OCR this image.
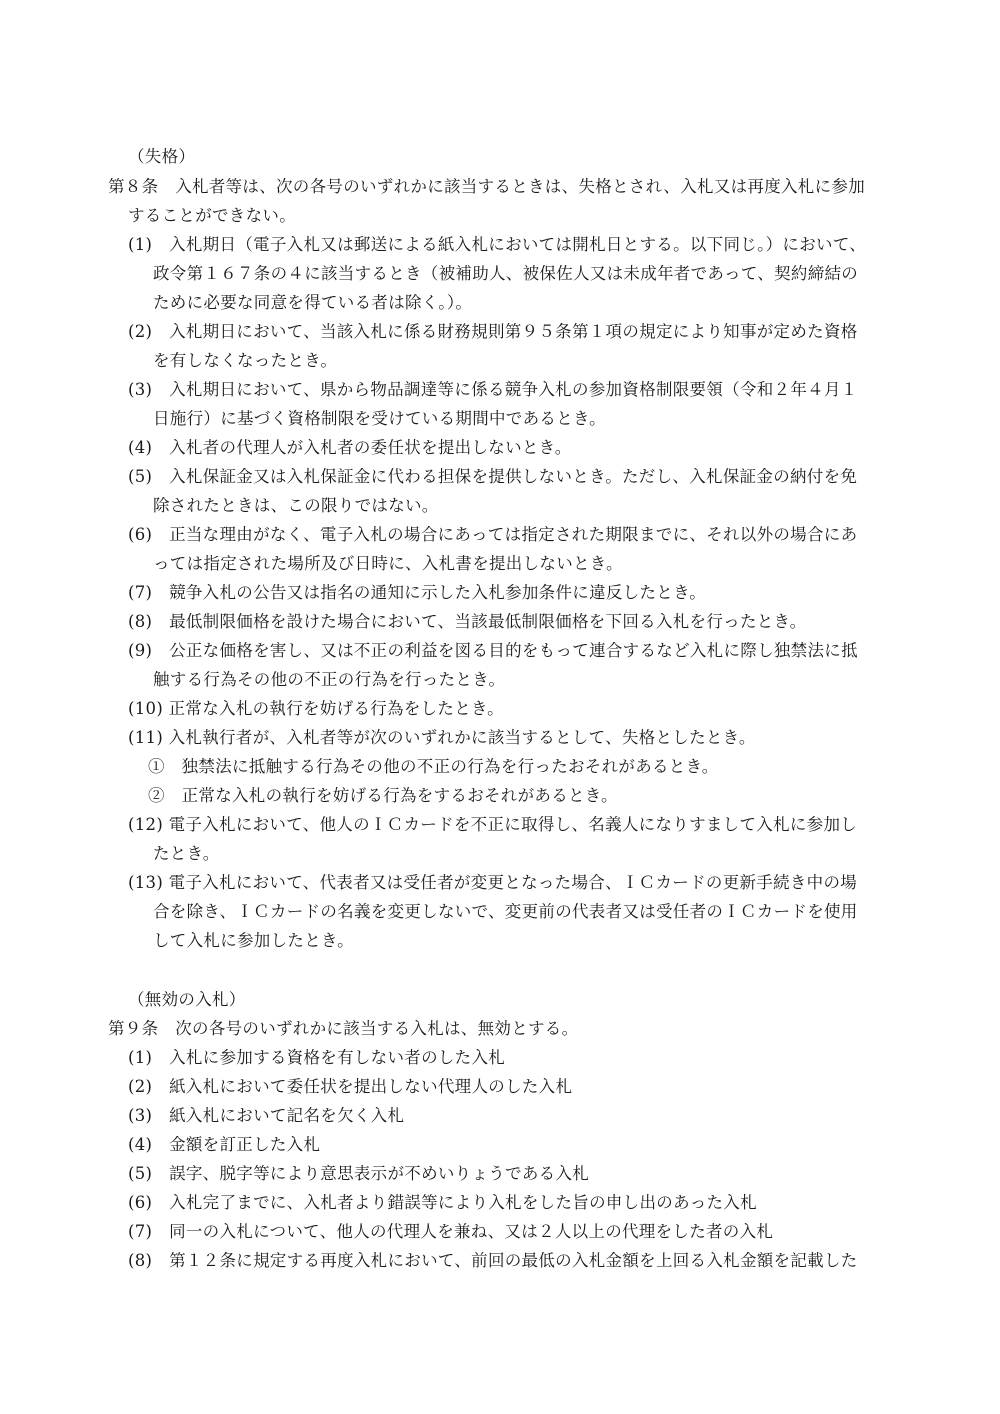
（失格）
第８条　入札者等は、次の各号のいずれかに該当するときは、失格とされ、入札又は再度入札に参加
することができない。
(1)　入札期日（電子入札又は郵送による紙入札においては開札日とする。以下同じ。）において、
政令第１６７条の４に該当するとき（被補助人、被保佐人又は未成年者であって、契約締結の
ために必要な同意を得ている者は除く。）。
(2)　入札期日において、当該入札に係る財務規則第９５条第１項の規定により知事が定めた資格
を有しなくなったとき。
(3)　入札期日において、県から物品調達等に係る競争入札の参加資格制限要領（令和２年４月１
日施行）に基づく資格制限を受けている期間中であるとき。
(4)　入札者の代理人が入札者の委任状を提出しないとき。
(5)　入札保証金又は入札保証金に代わる担保を提供しないとき。ただし、入札保証金の納付を免
除されたときは、この限りではない。
(6)　正当な理由がなく、電子入札の場合にあっては指定された期限までに、それ以外の場合にあ
っては指定された場所及び日時に、入札書を提出しないとき。
(7)　競争入札の公告又は指名の通知に示した入札参加条件に違反したとき。
(8)　最低制限価格を設けた場合において、当該最低制限価格を下回る入札を行ったとき。
(9)　公正な価格を害し、又は不正の利益を図る目的をもって連合するなど入札に際し独禁法に抵
触する行為その他の不正の行為を行ったとき。
(10) 正常な入札の執行を妨げる行為をしたとき。
(11) 入札執行者が、入札者等が次のいずれかに該当するとして、失格としたとき。
①　独禁法に抵触する行為その他の不正の行為を行ったおそれがあるとき。
②　正常な入札の執行を妨げる行為をするおそれがあるとき。
(12) 電子入札において、他人のＩＣカードを不正に取得し、名義人になりすまして入札に参加し
たとき。
(13) 電子入札において、代表者又は受任者が変更となった場合、ＩＣカードの更新手続き中の場
合を除き、ＩＣカードの名義を変更しないで、変更前の代表者又は受任者のＩＣカードを使用
して入札に参加したとき。
（無効の入札）
第９条　次の各号のいずれかに該当する入札は、無効とする。
(1)　入札に参加する資格を有しない者のした入札
(2)　紙入札において委任状を提出しない代理人のした入札
(3)　紙入札において記名を欠く入札
(4)　金額を訂正した入札
(5)　誤字、脱字等により意思表示が不めいりょうである入札
(6)　入札完了までに、入札者より錯誤等により入札をした旨の申し出のあった入札
(7)　同一の入札について、他人の代理人を兼ね、又は２人以上の代理をした者の入札
(8)　第１２条に規定する再度入札において、前回の最低の入札金額を上回る入札金額を記載した
